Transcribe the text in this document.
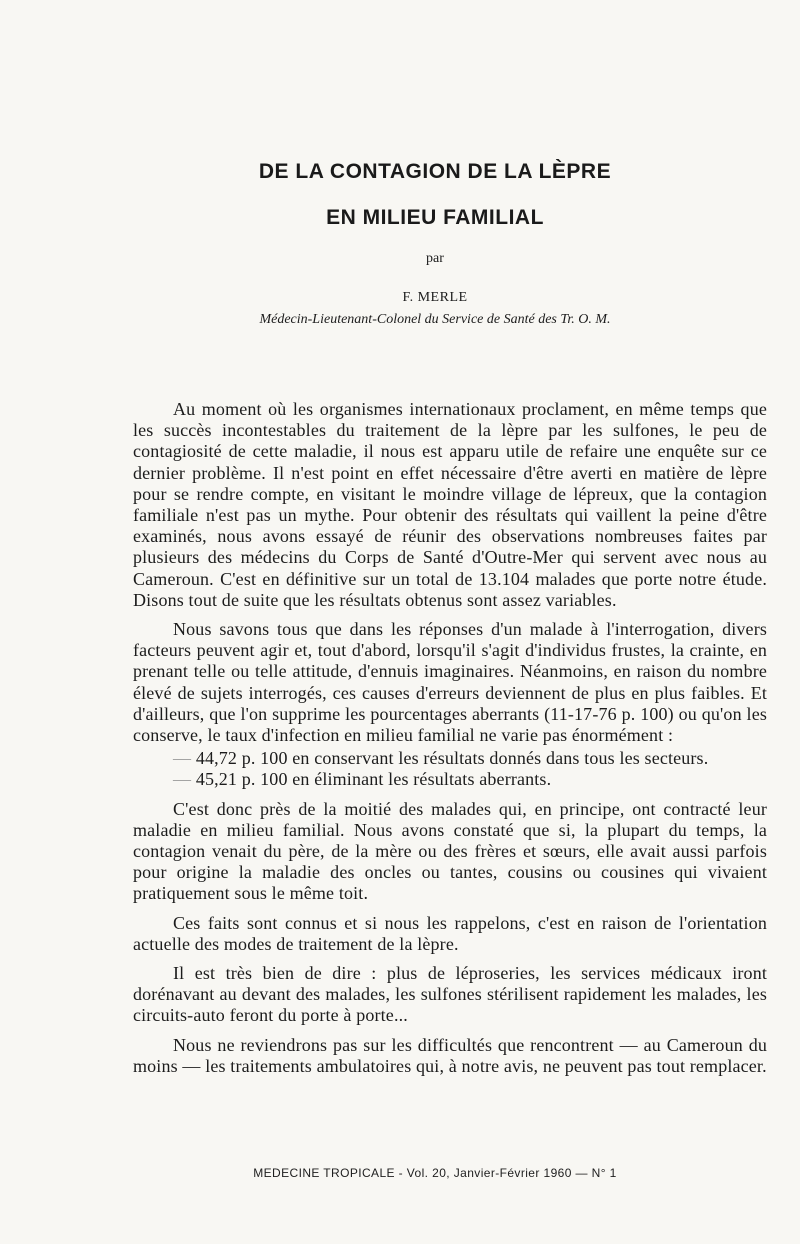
DE LA CONTAGION DE LA LÈPRE
EN MILIEU FAMILIAL
par
F. MERLE
Médecin-Lieutenant-Colonel du Service de Santé des Tr. O. M.

Au moment où les organismes internationaux proclament, en même temps que les succès incontestables du traitement de la lèpre par les sulfones, le peu de contagiosité de cette maladie, il nous est apparu utile de refaire une enquête sur ce dernier problème. Il n'est point en effet nécessaire d'être averti en matière de lèpre pour se rendre compte, en visitant le moindre village de lépreux, que la contagion familiale n'est pas un mythe. Pour obtenir des résultats qui vaillent la peine d'être examinés, nous avons essayé de réunir des observations nombreuses faites par plusieurs des médecins du Corps de Santé d'Outre-Mer qui servent avec nous au Cameroun. C'est en définitive sur un total de 13.104 malades que porte notre étude. Disons tout de suite que les résultats obtenus sont assez variables.

Nous savons tous que dans les réponses d'un malade à l'interrogation, divers facteurs peuvent agir et, tout d'abord, lorsqu'il s'agit d'individus frustes, la crainte, en prenant telle ou telle attitude, d'ennuis imaginaires. Néanmoins, en raison du nombre élevé de sujets interrogés, ces causes d'erreurs deviennent de plus en plus faibles. Et d'ailleurs, que l'on supprime les pourcentages aberrants (11-17-76 p. 100) ou qu'on les conserve, le taux d'infection en milieu familial ne varie pas énormément :

— 44,72 p. 100 en conservant les résultats donnés dans tous les secteurs.

— 45,21 p. 100 en éliminant les résultats aberrants.

C'est donc près de la moitié des malades qui, en principe, ont contracté leur maladie en milieu familial. Nous avons constaté que si, la plupart du temps, la contagion venait du père, de la mère ou des frères et sœurs, elle avait aussi parfois pour origine la maladie des oncles ou tantes, cousins ou cousines qui vivaient pratiquement sous le même toit.

Ces faits sont connus et si nous les rappelons, c'est en raison de l'orientation actuelle des modes de traitement de la lèpre.

Il est très bien de dire : plus de léproseries, les services médicaux iront dorénavant au devant des malades, les sulfones stérilisent rapidement les malades, les circuits-auto feront du porte à porte...

Nous ne reviendrons pas sur les difficultés que rencontrent — au Cameroun du moins — les traitements ambulatoires qui, à notre avis, ne peuvent pas tout remplacer.

MEDECINE TROPICALE - Vol. 20, Janvier-Février 1960 — N° 1
